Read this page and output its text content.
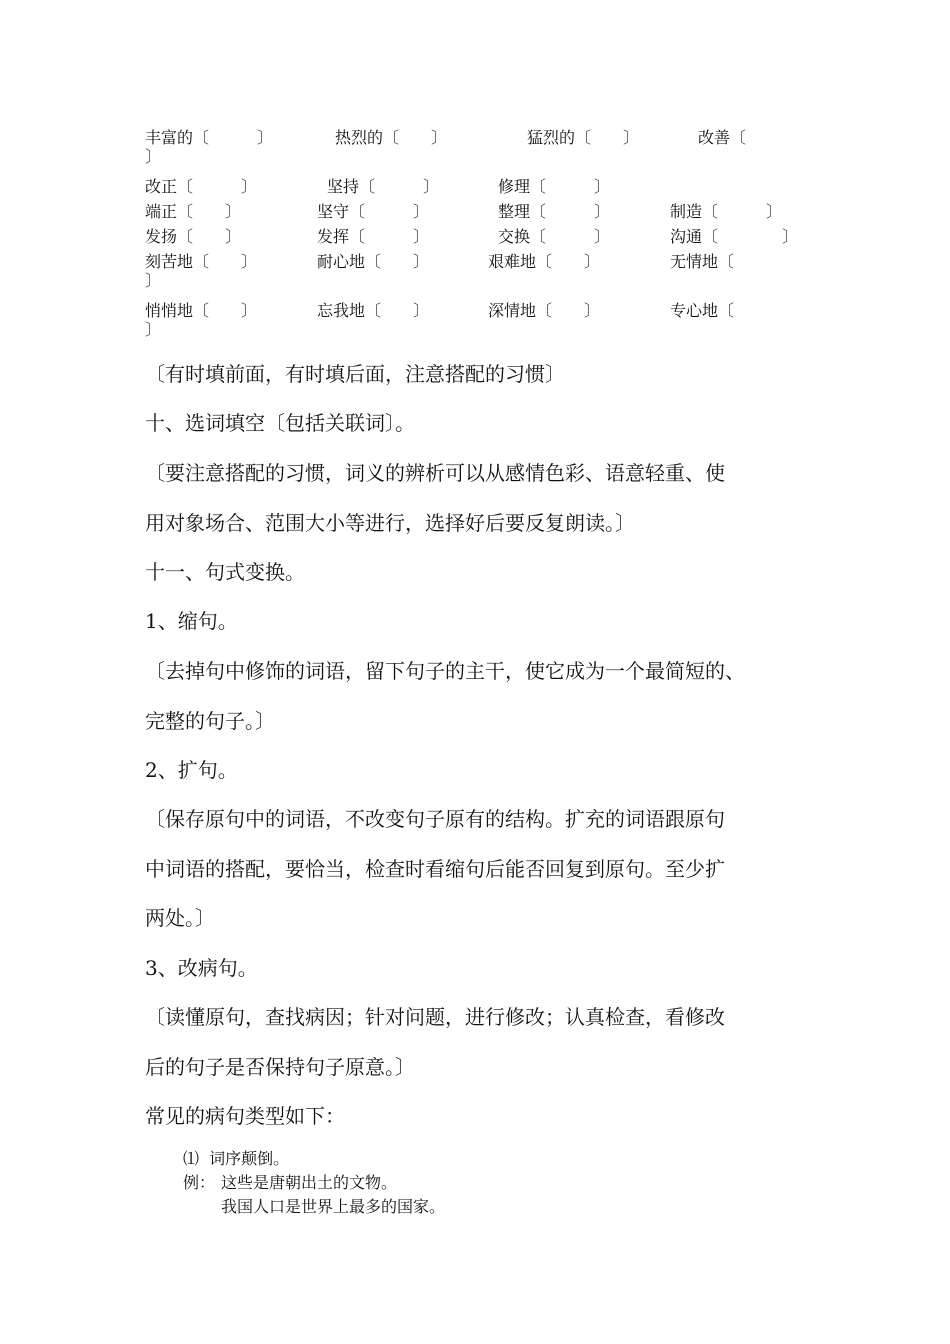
丰富的〔　　　〕	热烈的〔　　〕	猛烈的〔　　〕	改善〔
〕
改正〔　　　〕	坚持〔　　　〕	修理〔　　　〕
端正〔　　〕	坚守〔　　　〕	整理〔　　　〕	制造〔　　　〕
发扬〔　　〕	发挥〔　　　〕	交换〔　　　〕	沟通〔　　　　〕
刻苦地〔　　〕	耐心地〔　　〕	艰难地〔　　〕	无情地〔
〕
悄悄地〔　　〕	忘我地〔　　〕	深情地〔　　〕	专心地〔
〕
〔有时填前面，有时填后面，注意搭配的习惯〕
十、选词填空〔包括关联词〕。
〔要注意搭配的习惯，词义的辨析可以从感情色彩、语意轻重、使
用对象场合、范围大小等进行，选择好后要反复朗读。〕
十一、句式变换。
1、缩句。
〔去掉句中修饰的词语，留下句子的主干，使它成为一个最简短的、
完整的句子。〕
2、扩句。
〔保存原句中的词语，不改变句子原有的结构。扩充的词语跟原句
中词语的搭配，要恰当，检查时看缩句后能否回复到原句。至少扩
两处。〕
3、改病句。
〔读懂原句，查找病因；针对问题，进行修改；认真检查，看修改
后的句子是否保持句子原意。〕
常见的病句类型如下：
⑴  词序颠倒。
例： 这些是唐朝出土的文物。
我国人口是世界上最多的国家。
